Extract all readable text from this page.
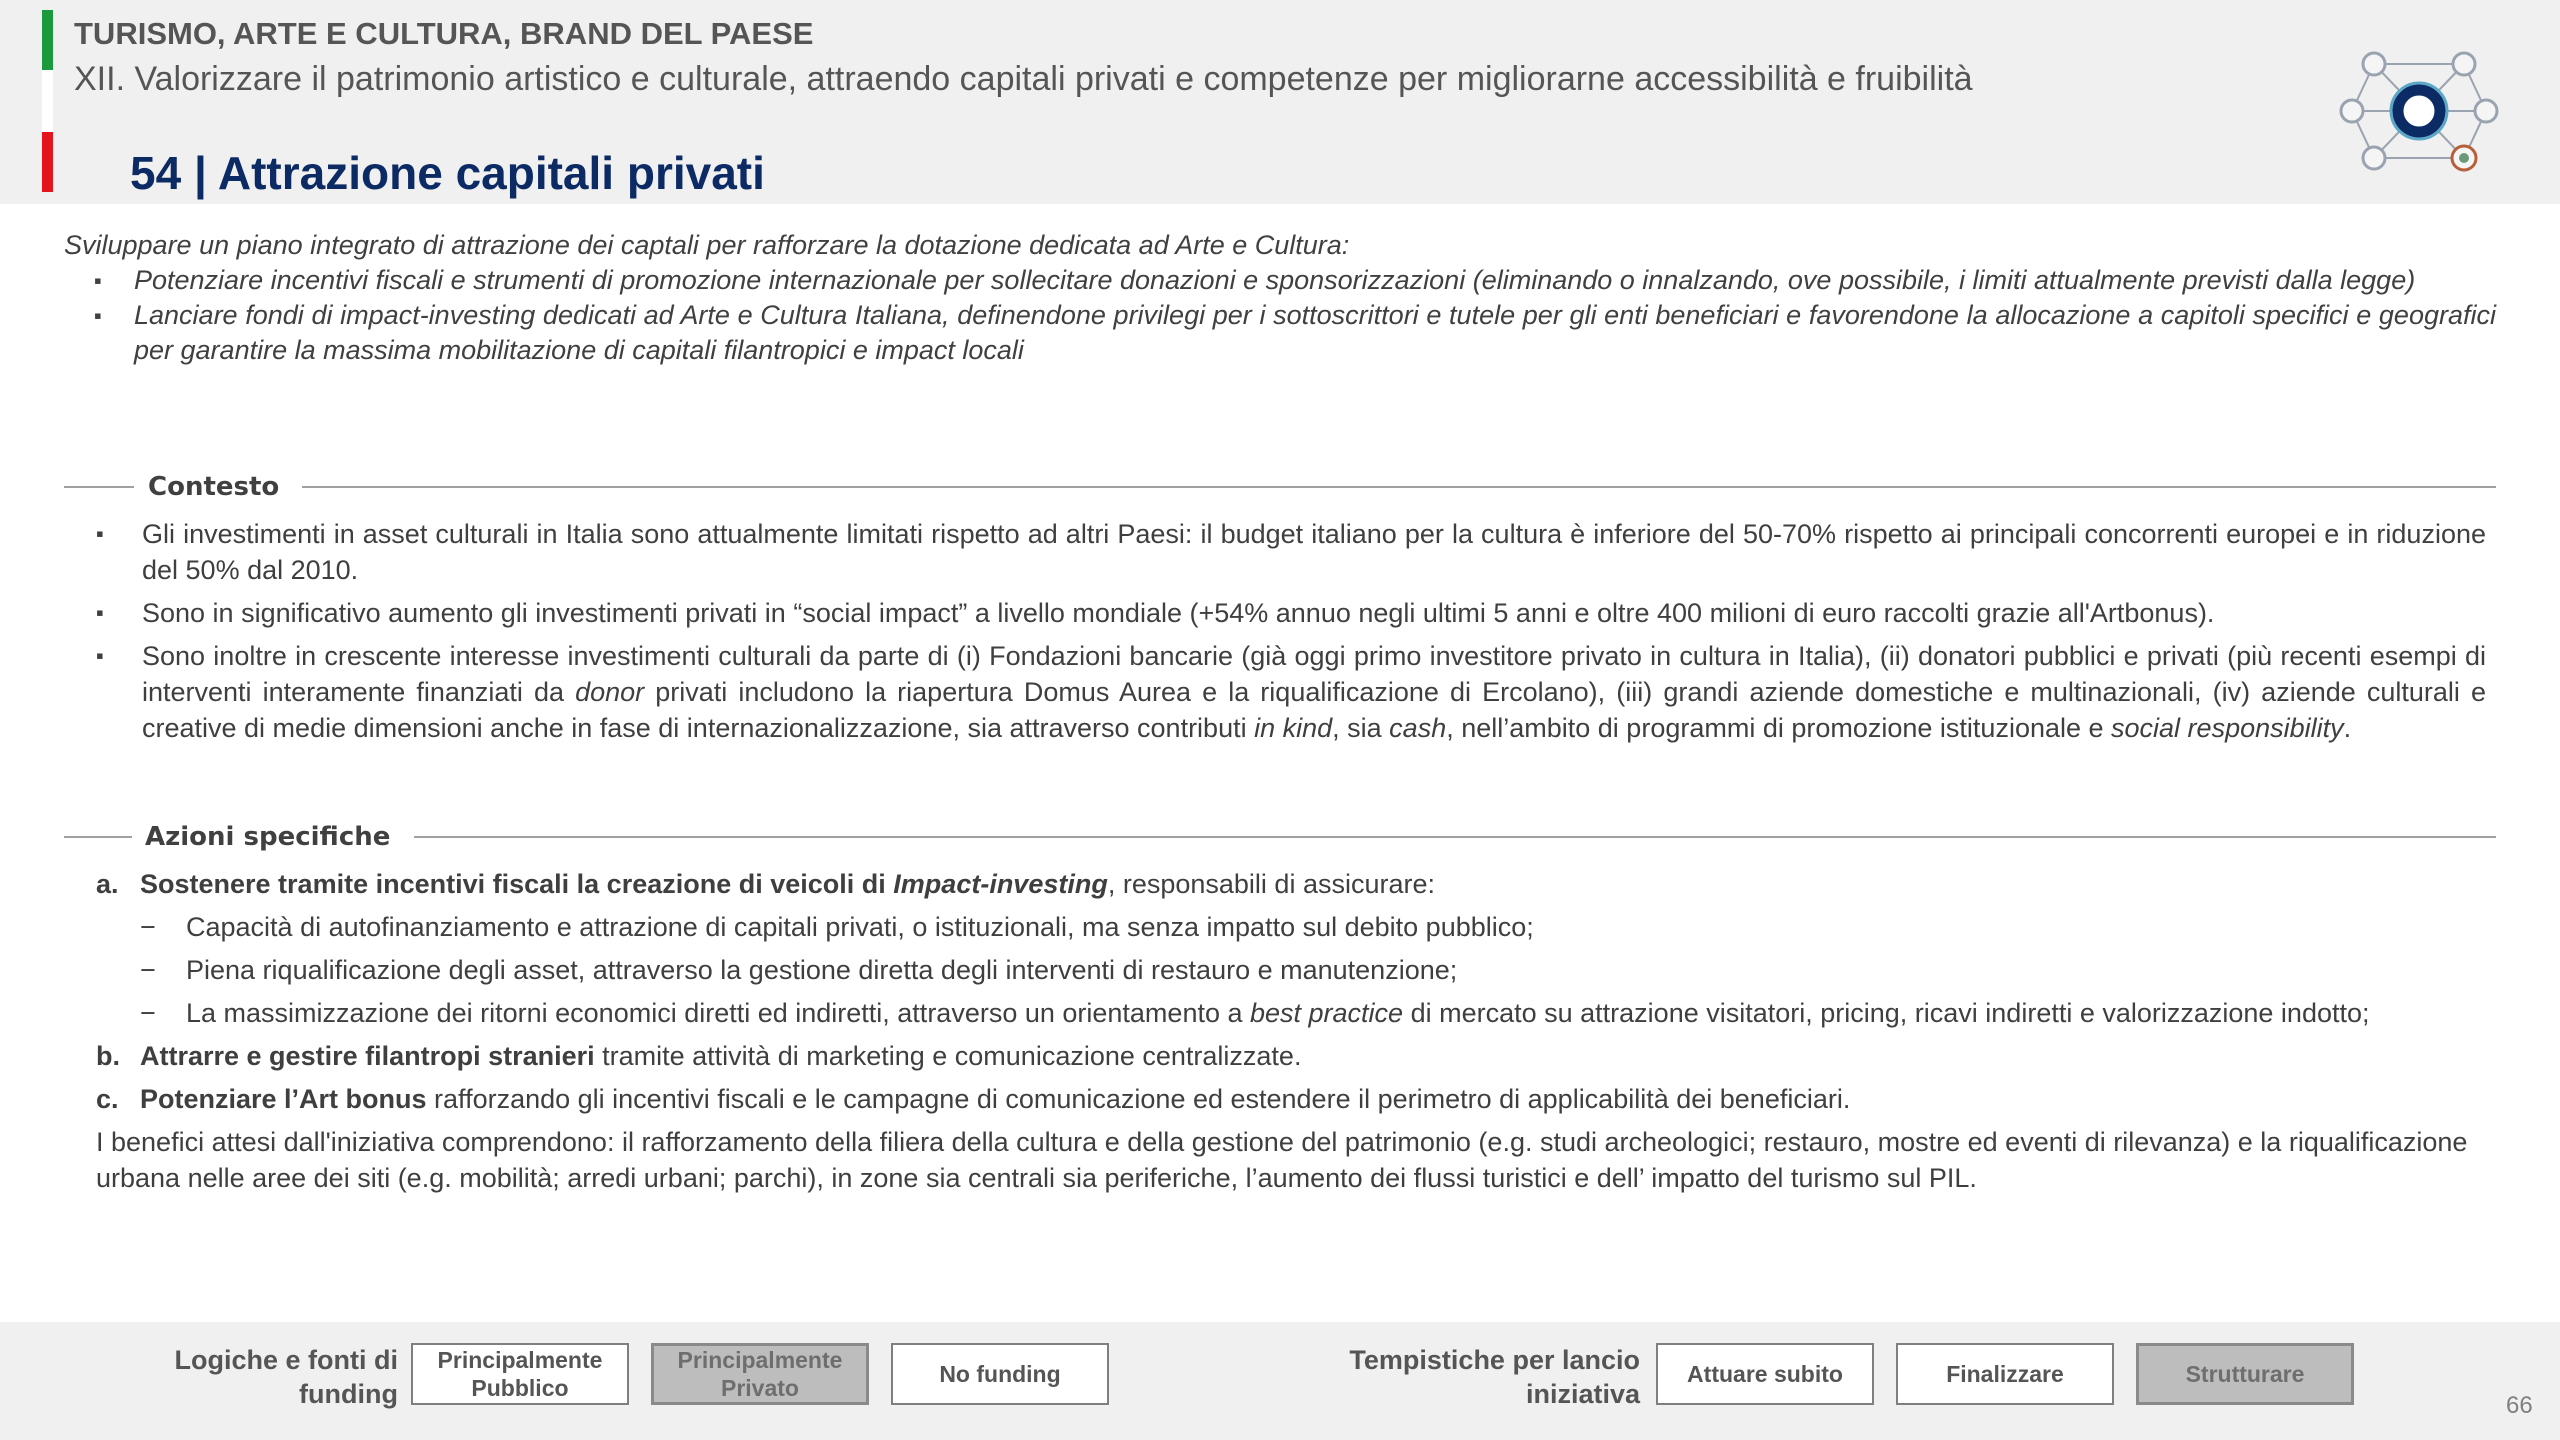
TURISMO, ARTE E CULTURA, BRAND DEL PAESE
XII. Valorizzare il patrimonio artistico e culturale, attraendo capitali privati e competenze per migliorarne accessibilità e fruibilità
54 | Attrazione capitali privati
Sviluppare un piano integrato di attrazione dei captali per rafforzare la dotazione dedicata ad Arte e Cultura:
▪ Potenziare incentivi fiscali e strumenti di promozione internazionale per sollecitare donazioni e sponsorizzazioni (eliminando o innalzando, ove possibile, i limiti attualmente previsti dalla legge)
▪ Lanciare fondi di impact-investing dedicati ad Arte e Cultura Italiana, definendone privilegi per i sottoscrittori e tutele per gli enti beneficiari e favorendone la allocazione a capitoli specifici e geografici per garantire la massima mobilitazione di capitali filantropici e impact locali
Contesto
▪ Gli investimenti in asset culturali in Italia sono attualmente limitati rispetto ad altri Paesi: il budget italiano per la cultura è inferiore del 50-70% rispetto ai principali concorrenti europei e in riduzione del 50% dal 2010.
▪ Sono in significativo aumento gli investimenti privati in “social impact” a livello mondiale (+54% annuo negli ultimi 5 anni e oltre 400 milioni di euro raccolti grazie all'Artbonus).
▪ Sono inoltre in crescente interesse investimenti culturali da parte di (i) Fondazioni bancarie (già oggi primo investitore privato in cultura in Italia), (ii) donatori pubblici e privati (più recenti esempi di interventi interamente finanziati da donor privati includono la riapertura Domus Aurea e la riqualificazione di Ercolano), (iii) grandi aziende domestiche e multinazionali, (iv) aziende culturali e creative di medie dimensioni anche in fase di internazionalizzazione, sia attraverso contributi in kind, sia cash, nell’ambito di programmi di promozione istituzionale e social responsibility.
Azioni specifiche
a. Sostenere tramite incentivi fiscali la creazione di veicoli di Impact-investing, responsabili di assicurare:
− Capacità di autofinanziamento e attrazione di capitali privati, o istituzionali, ma senza impatto sul debito pubblico;
− Piena riqualificazione degli asset, attraverso la gestione diretta degli interventi di restauro e manutenzione;
− La massimizzazione dei ritorni economici diretti ed indiretti, attraverso un orientamento a best practice di mercato su attrazione visitatori, pricing, ricavi indiretti e valorizzazione indotto;
b. Attrarre e gestire filantropi stranieri tramite attività di marketing e comunicazione centralizzate.
c. Potenziare l’Art bonus rafforzando gli incentivi fiscali e le campagne di comunicazione ed estendere il perimetro di applicabilità dei beneficiari.
I benefici attesi dall'iniziativa comprendono: il rafforzamento della filiera della cultura e della gestione del patrimonio (e.g. studi archeologici; restauro, mostre ed eventi di rilevanza) e la riqualificazione urbana nelle aree dei siti (e.g. mobilità; arredi urbani; parchi), in zone sia centrali sia periferiche, l’aumento dei flussi turistici e dell’ impatto del turismo sul PIL.
Logiche e fonti di
funding
Principalmente
Pubblico
Principalmente
Privato
No funding	Tempistiche per lancio
iniziativa
Attuare subito	Finalizzare	Strutturare
66
